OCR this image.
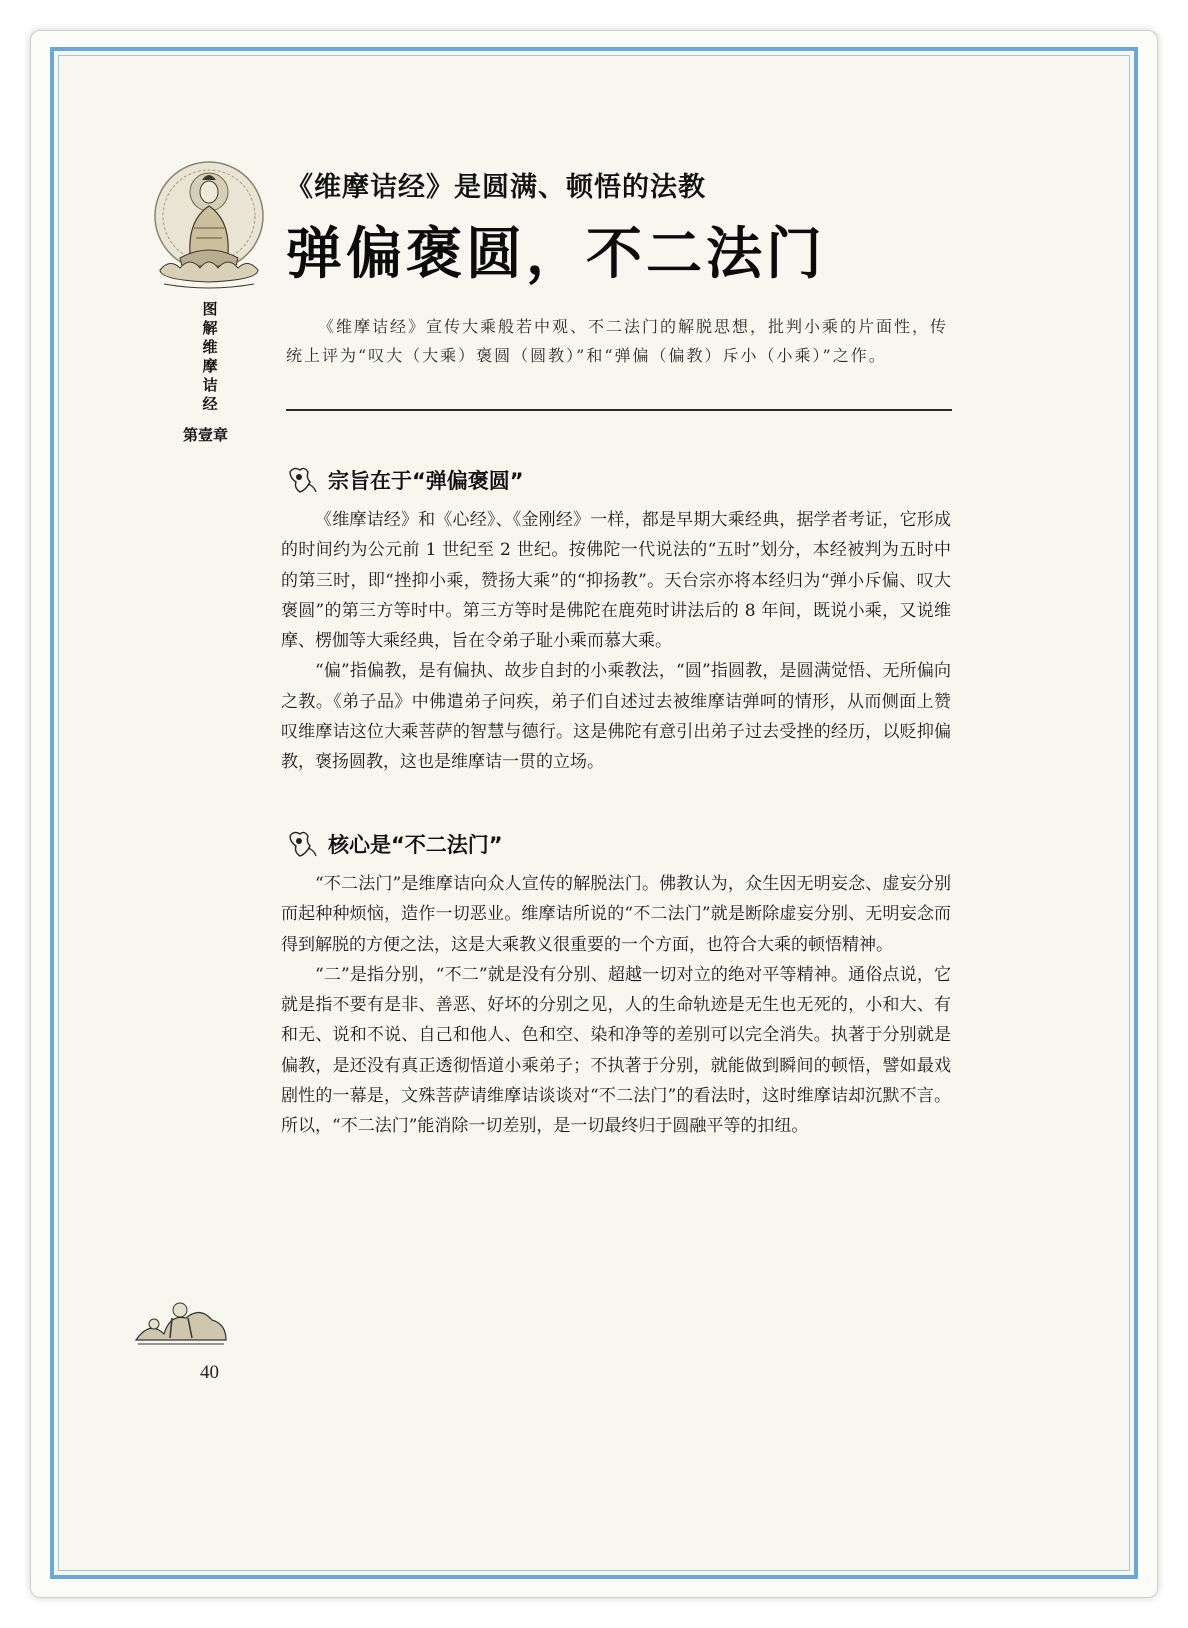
图
解
维
摩
诘
经
第壹章
《维摩诘经》是圆满、顿悟的法教
弹偏褒圆，不二法门
《维摩诘经》宣传大乘般若中观、不二法门的解脱思想，批判小乘的片面性，传统上评为“叹大（大乘）褒圆（圆教）”和“弹偏（偏教）斥小（小乘）”之作。
宗旨在于“弹偏褒圆”

《维摩诘经》和《心经》、《金刚经》一样，都是早期大乘经典，据学者考证，它形成的时间约为公元前 1 世纪至 2 世纪。按佛陀一代说法的“五时”划分，本经被判为五时中的第三时，即“挫抑小乘，赞扬大乘”的“抑扬教”。天台宗亦将本经归为“弹小斥偏、叹大褒圆”的第三方等时中。第三方等时是佛陀在鹿苑时讲法后的 8 年间，既说小乘，又说维摩、楞伽等大乘经典，旨在令弟子耻小乘而慕大乘。

“偏”指偏教，是有偏执、故步自封的小乘教法，“圆”指圆教，是圆满觉悟、无所偏向之教。《弟子品》中佛遣弟子问疾，弟子们自述过去被维摩诘弹呵的情形，从而侧面上赞叹维摩诘这位大乘菩萨的智慧与德行。这是佛陀有意引出弟子过去受挫的经历，以贬抑偏教，褒扬圆教，这也是维摩诘一贯的立场。

核心是“不二法门”

“不二法门”是维摩诘向众人宣传的解脱法门。佛教认为，众生因无明妄念、虚妄分别而起种种烦恼，造作一切恶业。维摩诘所说的“不二法门”就是断除虚妄分别、无明妄念而得到解脱的方便之法，这是大乘教义很重要的一个方面，也符合大乘的顿悟精神。

“二”是指分别，“不二”就是没有分别、超越一切对立的绝对平等精神。通俗点说，它就是指不要有是非、善恶、好坏的分别之见，人的生命轨迹是无生也无死的，小和大、有和无、说和不说、自己和他人、色和空、染和净等的差别可以完全消失。执著于分别就是偏教，是还没有真正透彻悟道小乘弟子；不执著于分别，就能做到瞬间的顿悟，譬如最戏剧性的一幕是，文殊菩萨请维摩诘谈谈对“不二法门”的看法时，这时维摩诘却沉默不言。所以，“不二法门”能消除一切差别，是一切最终归于圆融平等的扣纽。

40
